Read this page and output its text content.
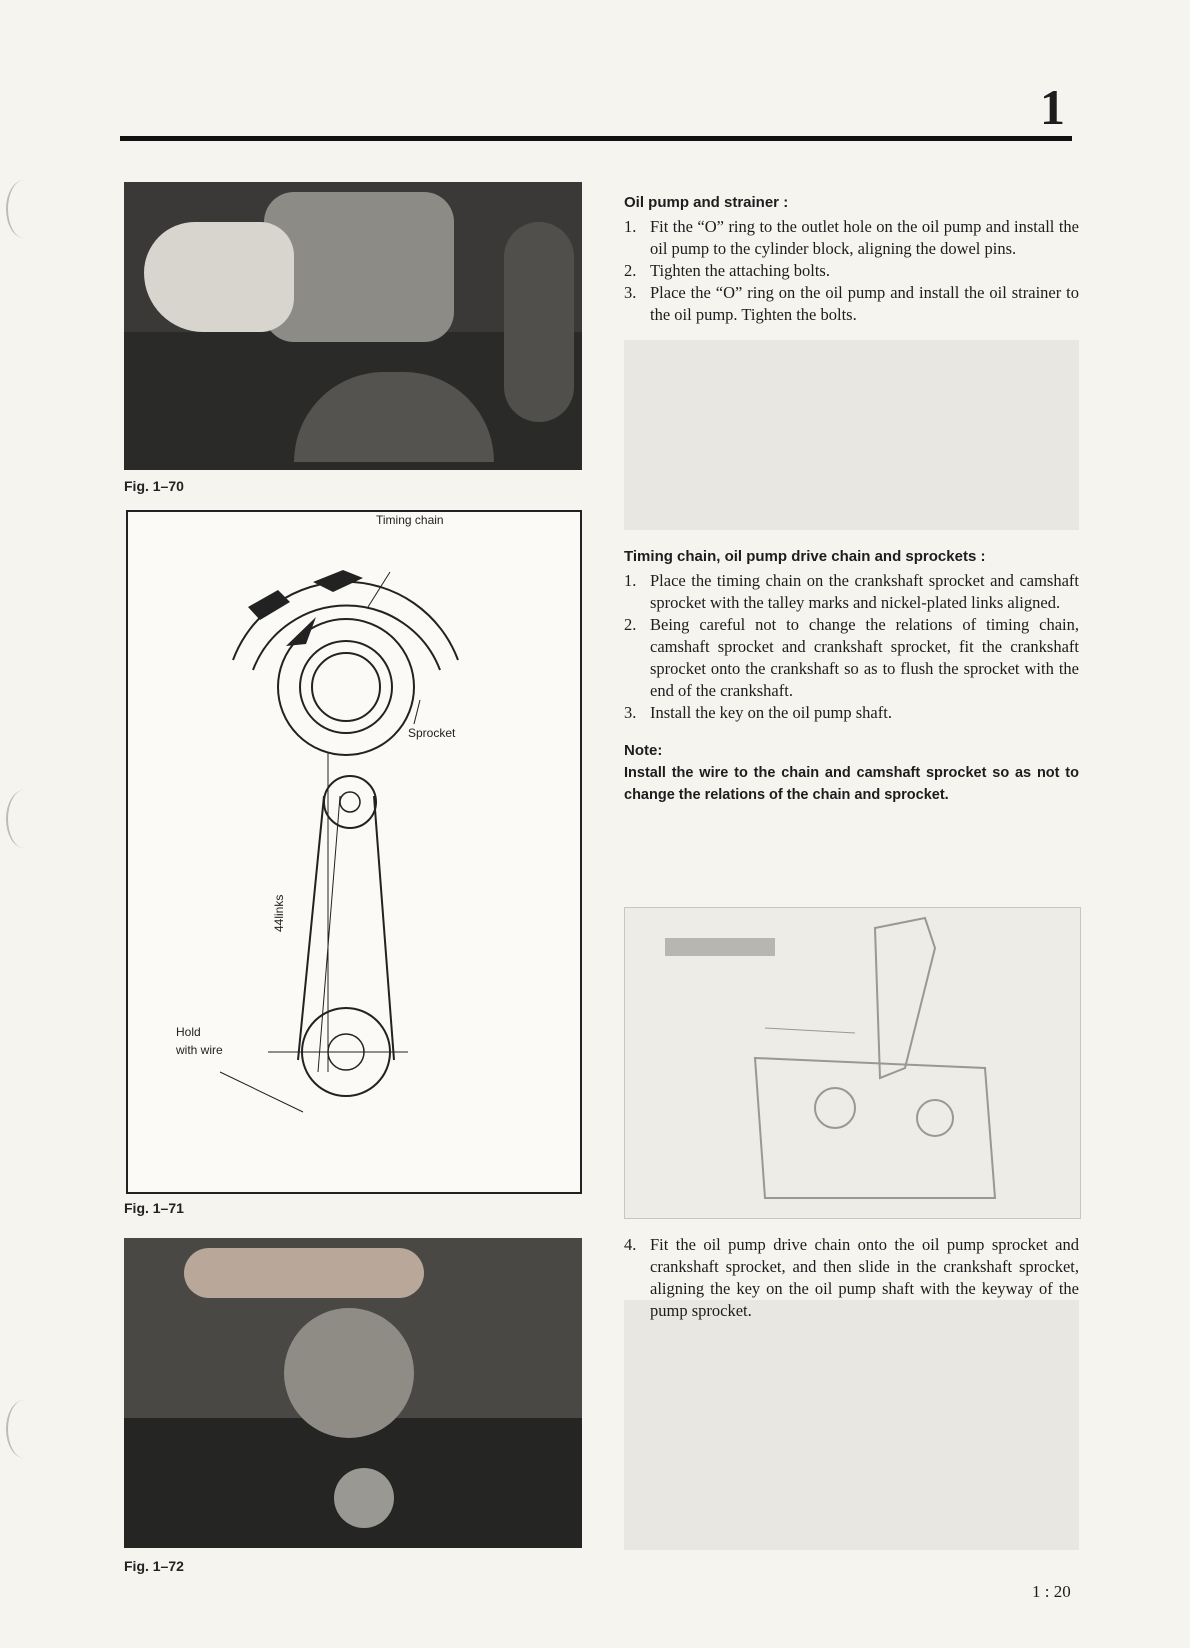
1
Fig. 1–70
Timing chain
Sprocket
44links
Hold
with wire
Fig. 1–71
Fig. 1–72
Oil pump and strainer :
1. Fit the “O” ring to the outlet hole on the oil pump and install the oil pump to the cylinder block, aligning the dowel pins.
2. Tighten the attaching bolts.
3. Place the “O” ring on the oil pump and install the oil strainer to the oil pump. Tighten the bolts.
Timing chain, oil pump drive chain and sprockets :
1. Place the timing chain on the crankshaft sprocket and camshaft sprocket with the talley marks and nickel-plated links aligned.
2. Being careful not to change the relations of timing chain, camshaft sprocket and crankshaft sprocket, fit the crankshaft sprocket onto the crankshaft so as to flush the sprocket with the end of the crankshaft.
3. Install the key on the oil pump shaft.
Note:
Install the wire to the chain and camshaft sprocket so as not to change the relations of the chain and sprocket.
4. Fit the oil pump drive chain onto the oil pump sprocket and crankshaft sprocket, and then slide in the crankshaft sprocket, aligning the key on the oil pump shaft with the keyway of the pump sprocket.
1 : 20
